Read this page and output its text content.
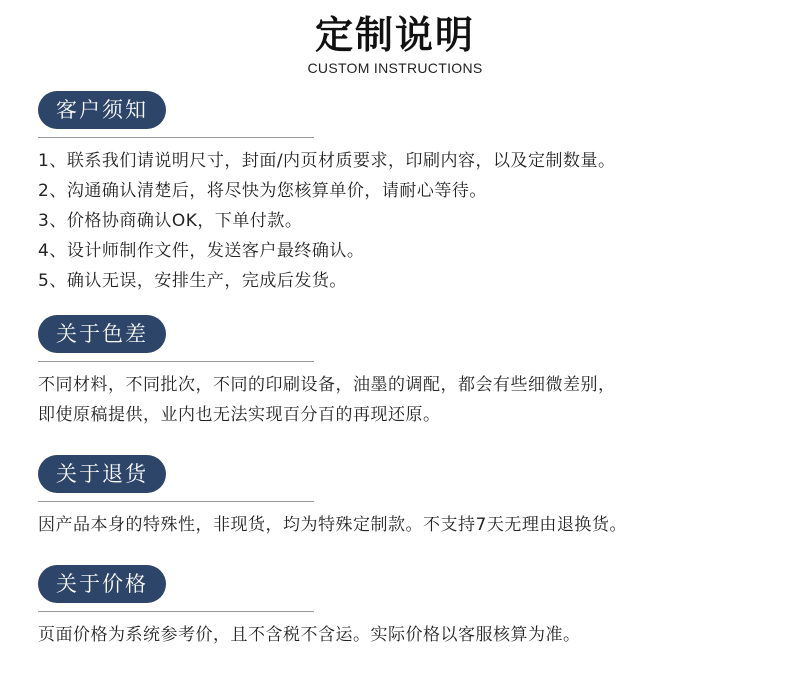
定制说明
CUSTOM INSTRUCTIONS
客户须知
1、联系我们请说明尺寸，封面/内页材质要求，印刷内容，以及定制数量。
2、沟通确认清楚后，将尽快为您核算单价，请耐心等待。
3、价格协商确认OK，下单付款。
4、设计师制作文件，发送客户最终确认。
5、确认无误，安排生产，完成后发货。
关于色差
不同材料，不同批次，不同的印刷设备，油墨的调配，都会有些细微差别，
即使原稿提供，业内也无法实现百分百的再现还原。
关于退货
因产品本身的特殊性，非现货，均为特殊定制款。不支持7天无理由退换货。
关于价格
页面价格为系统参考价，且不含税不含运。实际价格以客服核算为准。
